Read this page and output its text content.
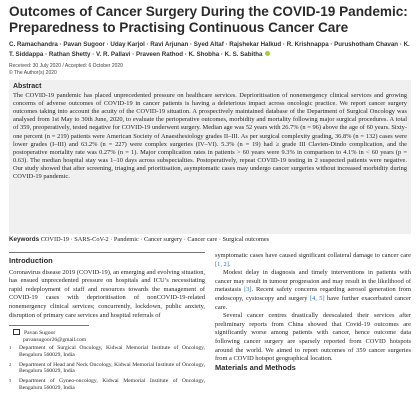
Outcomes of Cancer Surgery During the COVID-19 Pandemic: Preparedness to Practising Continuous Cancer Care
C. Ramachandra · Pavan Sugoor · Uday Karjol · Ravi Arjunan · Syed Altaf · Rajshekar Halkud · R. Krishnappa · Purushotham Chavan · K. T. Siddappa · Rathan Shetty · V. R. Pallavi · Praveen Rathod · K. Shobha · K. S. Sabitha
Received: 30 July 2020 / Accepted: 6 October 2020
© The Author(s) 2020
Abstract

The COVID-19 pandemic has placed unprecedented pressure on healthcare services. Deprioritisation of nonemergency clinical services and growing concerns of adverse outcomes of COVID-19 in cancer patients is having a deleterious impact across oncologic practice. We report cancer surgery outcomes taking into account the acuity of the COVID-19 situation. A prospectively maintained database of the Department of Surgical Oncology was analysed from 1st May to 30th June, 2020, to evaluate the perioperative outcomes, morbidity and mortality following major surgical procedures. A total of 359, preoperatively, tested negative for COVID-19 underwent surgery. Median age was 52 years with 26.7% (n = 96) above the age of 60 years. Sixty-one percent (n = 219) patients were American Society of Anaesthesiology grades II–III. As per surgical complexity grading, 36.8% (n = 132) cases were lower grades (I–III) and 63.2% (n = 227) were complex surgeries (IV–VI). 5.3% (n = 19) had ≥ grade III Clavien-Dindo complication, and the postoperative mortality rate was 0.27% (n = 1). Major complication rates in patients > 60 years were 9.3% in comparison to 4.1% in < 60 years (p = 0.63). The median hospital stay was 1–10 days across subspecialties. Postoperatively, repeat COVID-19 testing in 2 suspected patients were negative. Our study showed that after screening, triaging and prioritisation, asymptomatic cases may undergo cancer surgeries without increased morbidity during COVID-19 pandemic.

Keywords COVID-19 · SARS-CoV-2 · Pandemic · Cancer surgery · Cancer care · Surgical outcomes
Introduction

Coronavirus disease 2019 (COVID-19), an emerging and evolving situation, has ensued unprecedented pressure on hospitals and ICU’s necessitating rapid redeployment of staff and resources towards the management of COVID-19 cases with deprioritisation of nonCOVID-19-related nonemergency clinical services; concurrently, lockdown, public anxiety, disruption of primary care services and hospital referrals of

Pavan Sugoor
pavansugoor26@gmail.com
1	Department of Surgical Oncology, Kidwai Memorial Institute of Oncology, Bengaluru 560029, India
2	Department of Head and Neck Oncology, Kidwai Memorial Institute of Oncology, Bengaluru 560029, India
3	Department of Gyneo-oncology, Kidwai Memorial Institute of Oncology, Bengaluru 560029, India

symptomatic cases have caused significant collateral damage to cancer care [1, 2].

Modest delay in diagnosis and timely interventions in patients with cancer may result in tumour progression and may result in the likelihood of metastasis [3]. Recent safety concerns regarding aerosol generation from endoscopy, cystoscopy and surgery [4, 5] have further exacerbated cancer care.

Several cancer centres drastically deescalated their services after preliminary reports from China showed that Covid-19 outcomes are significantly worse among patients with cancer, hence outcome data following cancer surgery are sparsely reported from COVID hotspots around the world. We aimed to report outcomes of 359 cancer surgeries from a COVID hotspot geographical location.

Materials and Methods
